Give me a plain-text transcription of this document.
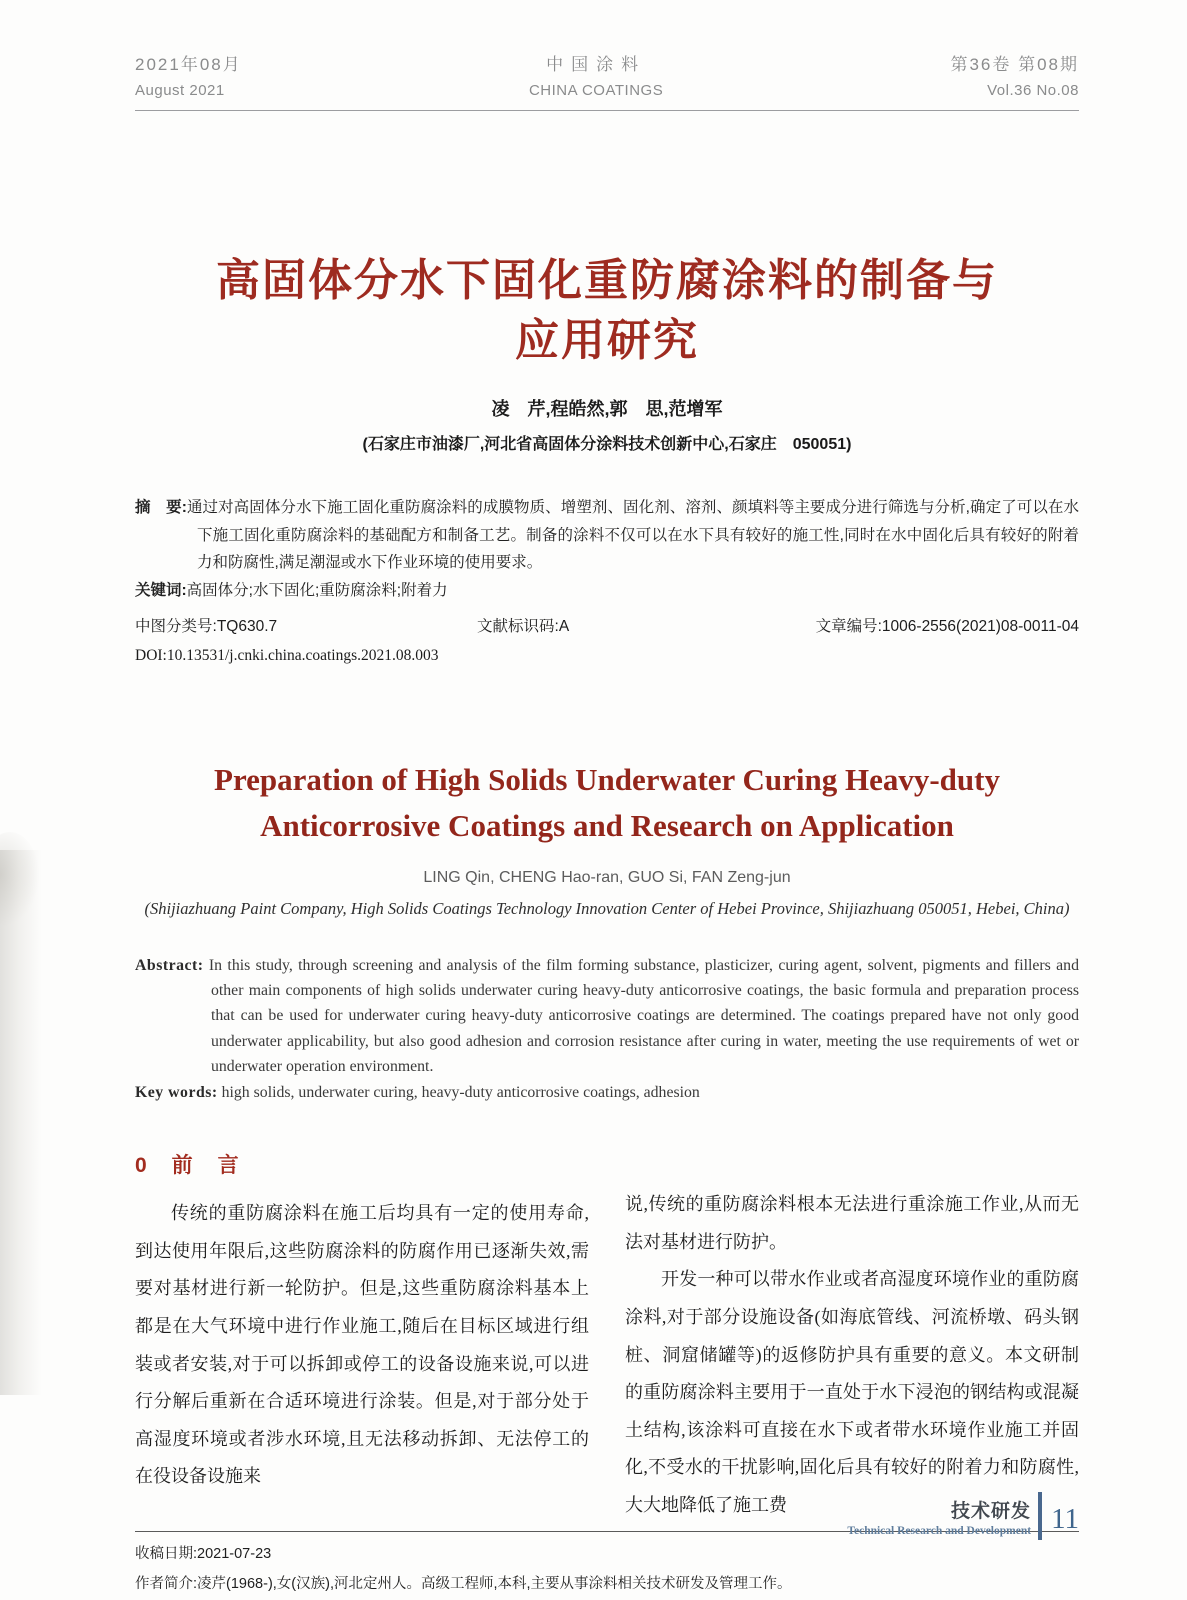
2021年08月
August 2021
中国涂料
CHINA COATINGS
第36卷 第08期
Vol.36 No.08
高固体分水下固化重防腐涂料的制备与
应用研究
凌　芹,程皓然,郭　思,范增军
(石家庄市油漆厂,河北省高固体分涂料技术创新中心,石家庄　050051)

摘　要:通过对高固体分水下施工固化重防腐涂料的成膜物质、增塑剂、固化剂、溶剂、颜填料等主要成分进行筛选与分析,确定了可以在水下施工固化重防腐涂料的基础配方和制备工艺。制备的涂料不仅可以在水下具有较好的施工性,同时在水中固化后具有较好的附着力和防腐性,满足潮湿或水下作业环境的使用要求。

关键词:高固体分;水下固化;重防腐涂料;附着力

中图分类号:TQ630.7	文献标识码:A	文章编号:1006-2556(2021)08-0011-04
DOI:10.13531/j.cnki.china.coatings.2021.08.003
Preparation of High Solids Underwater Curing Heavy-duty
Anticorrosive Coatings and Research on Application
LING Qin, CHENG Hao-ran, GUO Si, FAN Zeng-jun
(Shijiazhuang Paint Company, High Solids Coatings Technology Innovation Center of Hebei Province, Shijiazhuang 050051, Hebei, China)

Abstract: In this study, through screening and analysis of the film forming substance, plasticizer, curing agent, solvent, pigments and fillers and other main components of high solids underwater curing heavy-duty anticorrosive coatings, the basic formula and preparation process that can be used for underwater curing heavy-duty anticorrosive coatings are determined. The coatings prepared have not only good underwater applicability, but also good adhesion and corrosion resistance after curing in water, meeting the use requirements of wet or underwater operation environment.

Key words: high solids, underwater curing, heavy-duty anticorrosive coatings, adhesion

0　前　言

传统的重防腐涂料在施工后均具有一定的使用寿命,到达使用年限后,这些防腐涂料的防腐作用已逐渐失效,需要对基材进行新一轮防护。但是,这些重防腐涂料基本上都是在大气环境中进行作业施工,随后在目标区域进行组装或者安装,对于可以拆卸或停工的设备设施来说,可以进行分解后重新在合适环境进行涂装。但是,对于部分处于高湿度环境或者涉水环境,且无法移动拆卸、无法停工的在役设备设施来

说,传统的重防腐涂料根本无法进行重涂施工作业,从而无法对基材进行防护。

开发一种可以带水作业或者高湿度环境作业的重防腐涂料,对于部分设施设备(如海底管线、河流桥墩、码头钢桩、洞窟储罐等)的返修防护具有重要的意义。本文研制的重防腐涂料主要用于一直处于水下浸泡的钢结构或混凝土结构,该涂料可直接在水下或者带水环境作业施工并固化,不受水的干扰影响,固化后具有较好的附着力和防腐性,大大地降低了施工费

收稿日期:2021-07-23
作者简介:凌芹(1968-),女(汉族),河北定州人。高级工程师,本科,主要从事涂料相关技术研发及管理工作。
技术研发
Technical Research and Development 11
